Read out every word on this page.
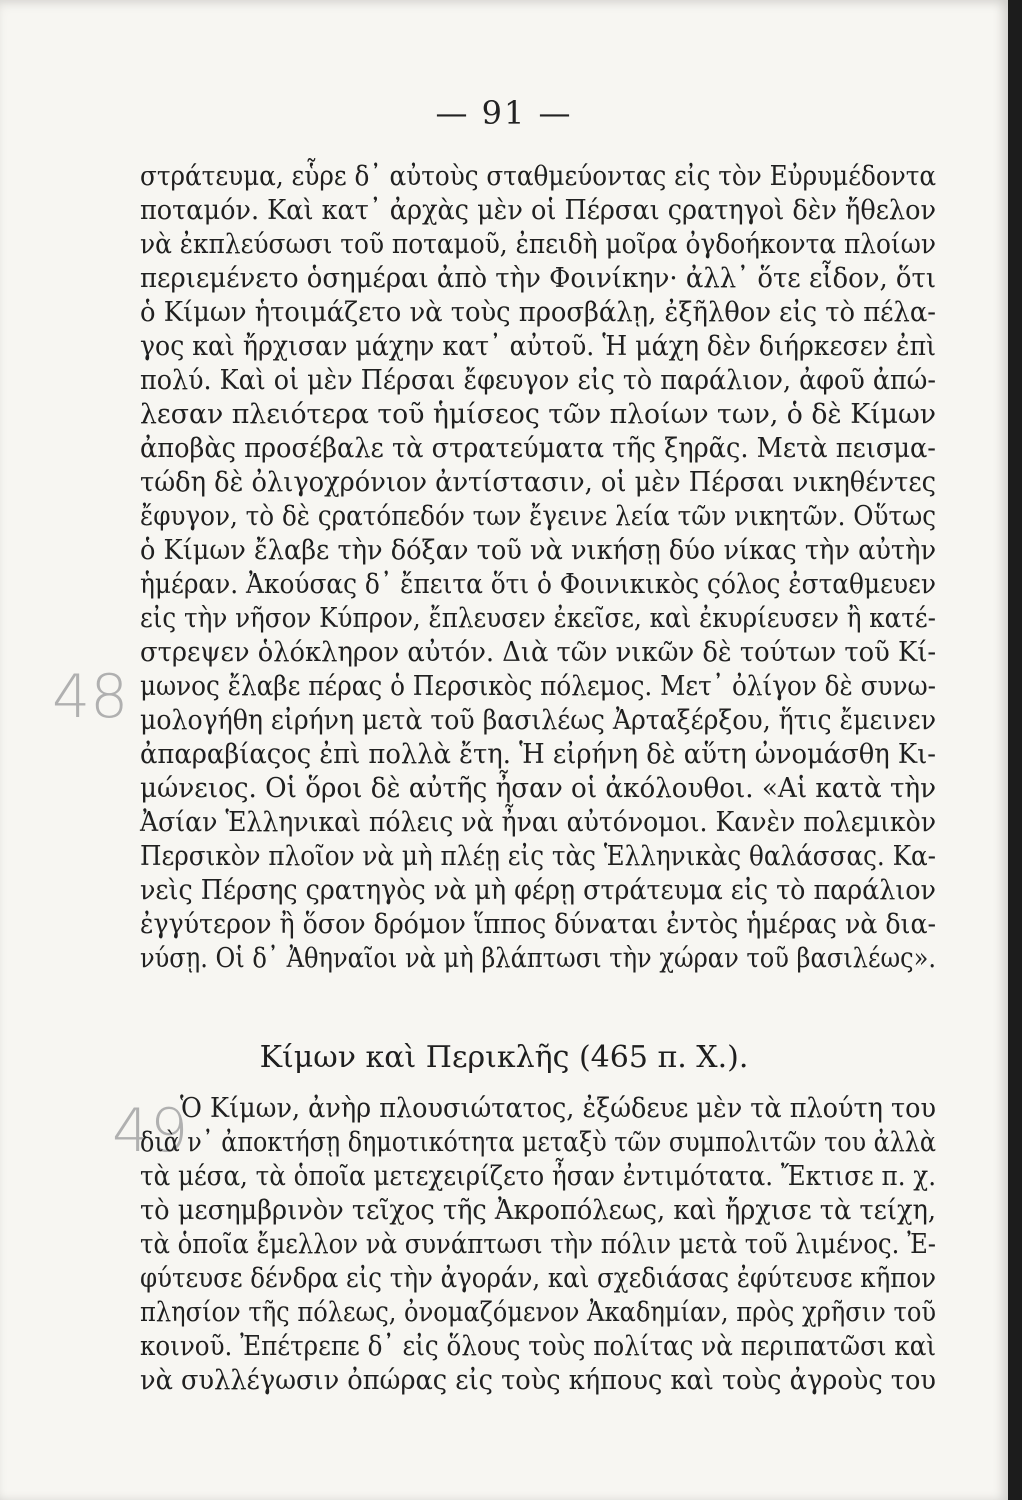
— 91 —
48
49
στράτευμα, εὗρε δ᾽ αὐτοὺς σταθμεύοντας εἰς τὸν Εὐρυμέδοντα
ποταμόν. Καὶ κατ᾽ ἀρχὰς μὲν οἱ Πέρσαι ςρατηγοὶ δὲν ἤθελον
νὰ ἐκπλεύσωσι τοῦ ποταμοῦ, ἐπειδὴ μοῖρα ὀγδοήκοντα πλοίων
περιεμένετο ὁσημέραι ἀπὸ τὴν Φοινίκην· ἀλλ᾽ ὅτε εἶδον, ὅτι
ὁ Κίμων ἡτοιμάζετο νὰ τοὺς προσβάλῃ, ἐξῆλθον εἰς τὸ πέλα-
γος καὶ ἤρχισαν μάχην κατ᾽ αὐτοῦ. Ἡ μάχη δὲν διήρκεσεν ἐπὶ
πολύ. Καὶ οἱ μὲν Πέρσαι ἔφευγον εἰς τὸ παράλιον, ἀφοῦ ἀπώ-
λεσαν πλειότερα τοῦ ἡμίσεος τῶν πλοίων των, ὁ δὲ Κίμων
ἀποβὰς προσέβαλε τὰ στρατεύματα τῆς ξηρᾶς. Μετὰ πεισμα-
τώδη δὲ ὀλιγοχρόνιον ἀντίστασιν, οἱ μὲν Πέρσαι νικηθέντες
ἔφυγον, τὸ δὲ ςρατόπεδόν των ἔγεινε λεία τῶν νικητῶν. Οὕτως
ὁ Κίμων ἔλαβε τὴν δόξαν τοῦ νὰ νικήσῃ δύο νίκας τὴν αὐτὴν
ἡμέραν. Ἀκούσας δ᾽ ἔπειτα ὅτι ὁ Φοινικικὸς ςόλος ἐσταθμευεν
εἰς τὴν νῆσον Κύπρον, ἔπλευσεν ἐκεῖσε, καὶ ἐκυρίευσεν ἢ κατέ-
στρεψεν ὁλόκληρον αὐτόν. Διὰ τῶν νικῶν δὲ τούτων τοῦ Κί-
μωνος ἔλαβε πέρας ὁ Περσικὸς πόλεμος. Μετ᾽ ὀλίγον δὲ συνω-
μολογήθη εἰρήνη μετὰ τοῦ βασιλέως Ἀρταξέρξου, ἥτις ἔμεινεν
ἀπαραβίαςος ἐπὶ πολλὰ ἔτη. Ἡ εἰρήνη δὲ αὕτη ὠνομάσθη Κι-
μώνειος. Οἱ ὅροι δὲ αὐτῆς ἦσαν οἱ ἀκόλουθοι. «Αἱ κατὰ τὴν
Ἀσίαν Ἑλληνικαὶ πόλεις νὰ ἦναι αὐτόνομοι. Κανὲν πολεμικὸν
Περσικὸν πλοῖον νὰ μὴ πλέῃ εἰς τὰς Ἑλληνικὰς θαλάσσας. Κα-
νεὶς Πέρσης ςρατηγὸς νὰ μὴ φέρῃ στράτευμα εἰς τὸ παράλιον
ἐγγύτερον ἢ ὅσον δρόμον ἵππος δύναται ἐντὸς ἡμέρας νὰ δια-
νύσῃ. Οἱ δ᾽ Ἀθηναῖοι νὰ μὴ βλάπτωσι τὴν χώραν τοῦ βασιλέως».
Κίμων καὶ Περικλῆς (465 π. Χ.).
Ὁ Κίμων, ἀνὴρ πλουσιώτατος, ἐξώδευε μὲν τὰ πλούτη του
διὰ ν᾽ ἀποκτήσῃ δημοτικότητα μεταξὺ τῶν συμπολιτῶν του ἀλλὰ
τὰ μέσα, τὰ ὁποῖα μετεχειρίζετο ἦσαν ἐντιμότατα. Ἔκτισε π. χ.
τὸ μεσημβρινὸν τεῖχος τῆς Ἀκροπόλεως, καὶ ἤρχισε τὰ τείχη,
τὰ ὁποῖα ἔμελλον νὰ συνάπτωσι τὴν πόλιν μετὰ τοῦ λιμένος. Ἐ-
φύτευσε δένδρα εἰς τὴν ἀγοράν, καὶ σχεδιάσας ἐφύτευσε κῆπον
πλησίον τῆς πόλεως, ὀνομαζόμενον Ἀκαδημίαν, πρὸς χρῆσιν τοῦ
κοινοῦ. Ἐπέτρεπε δ᾽ εἰς ὅλους τοὺς πολίτας νὰ περιπατῶσι καὶ
νὰ συλλέγωσιν ὀπώρας εἰς τοὺς κήπους καὶ τοὺς ἀγροὺς του
